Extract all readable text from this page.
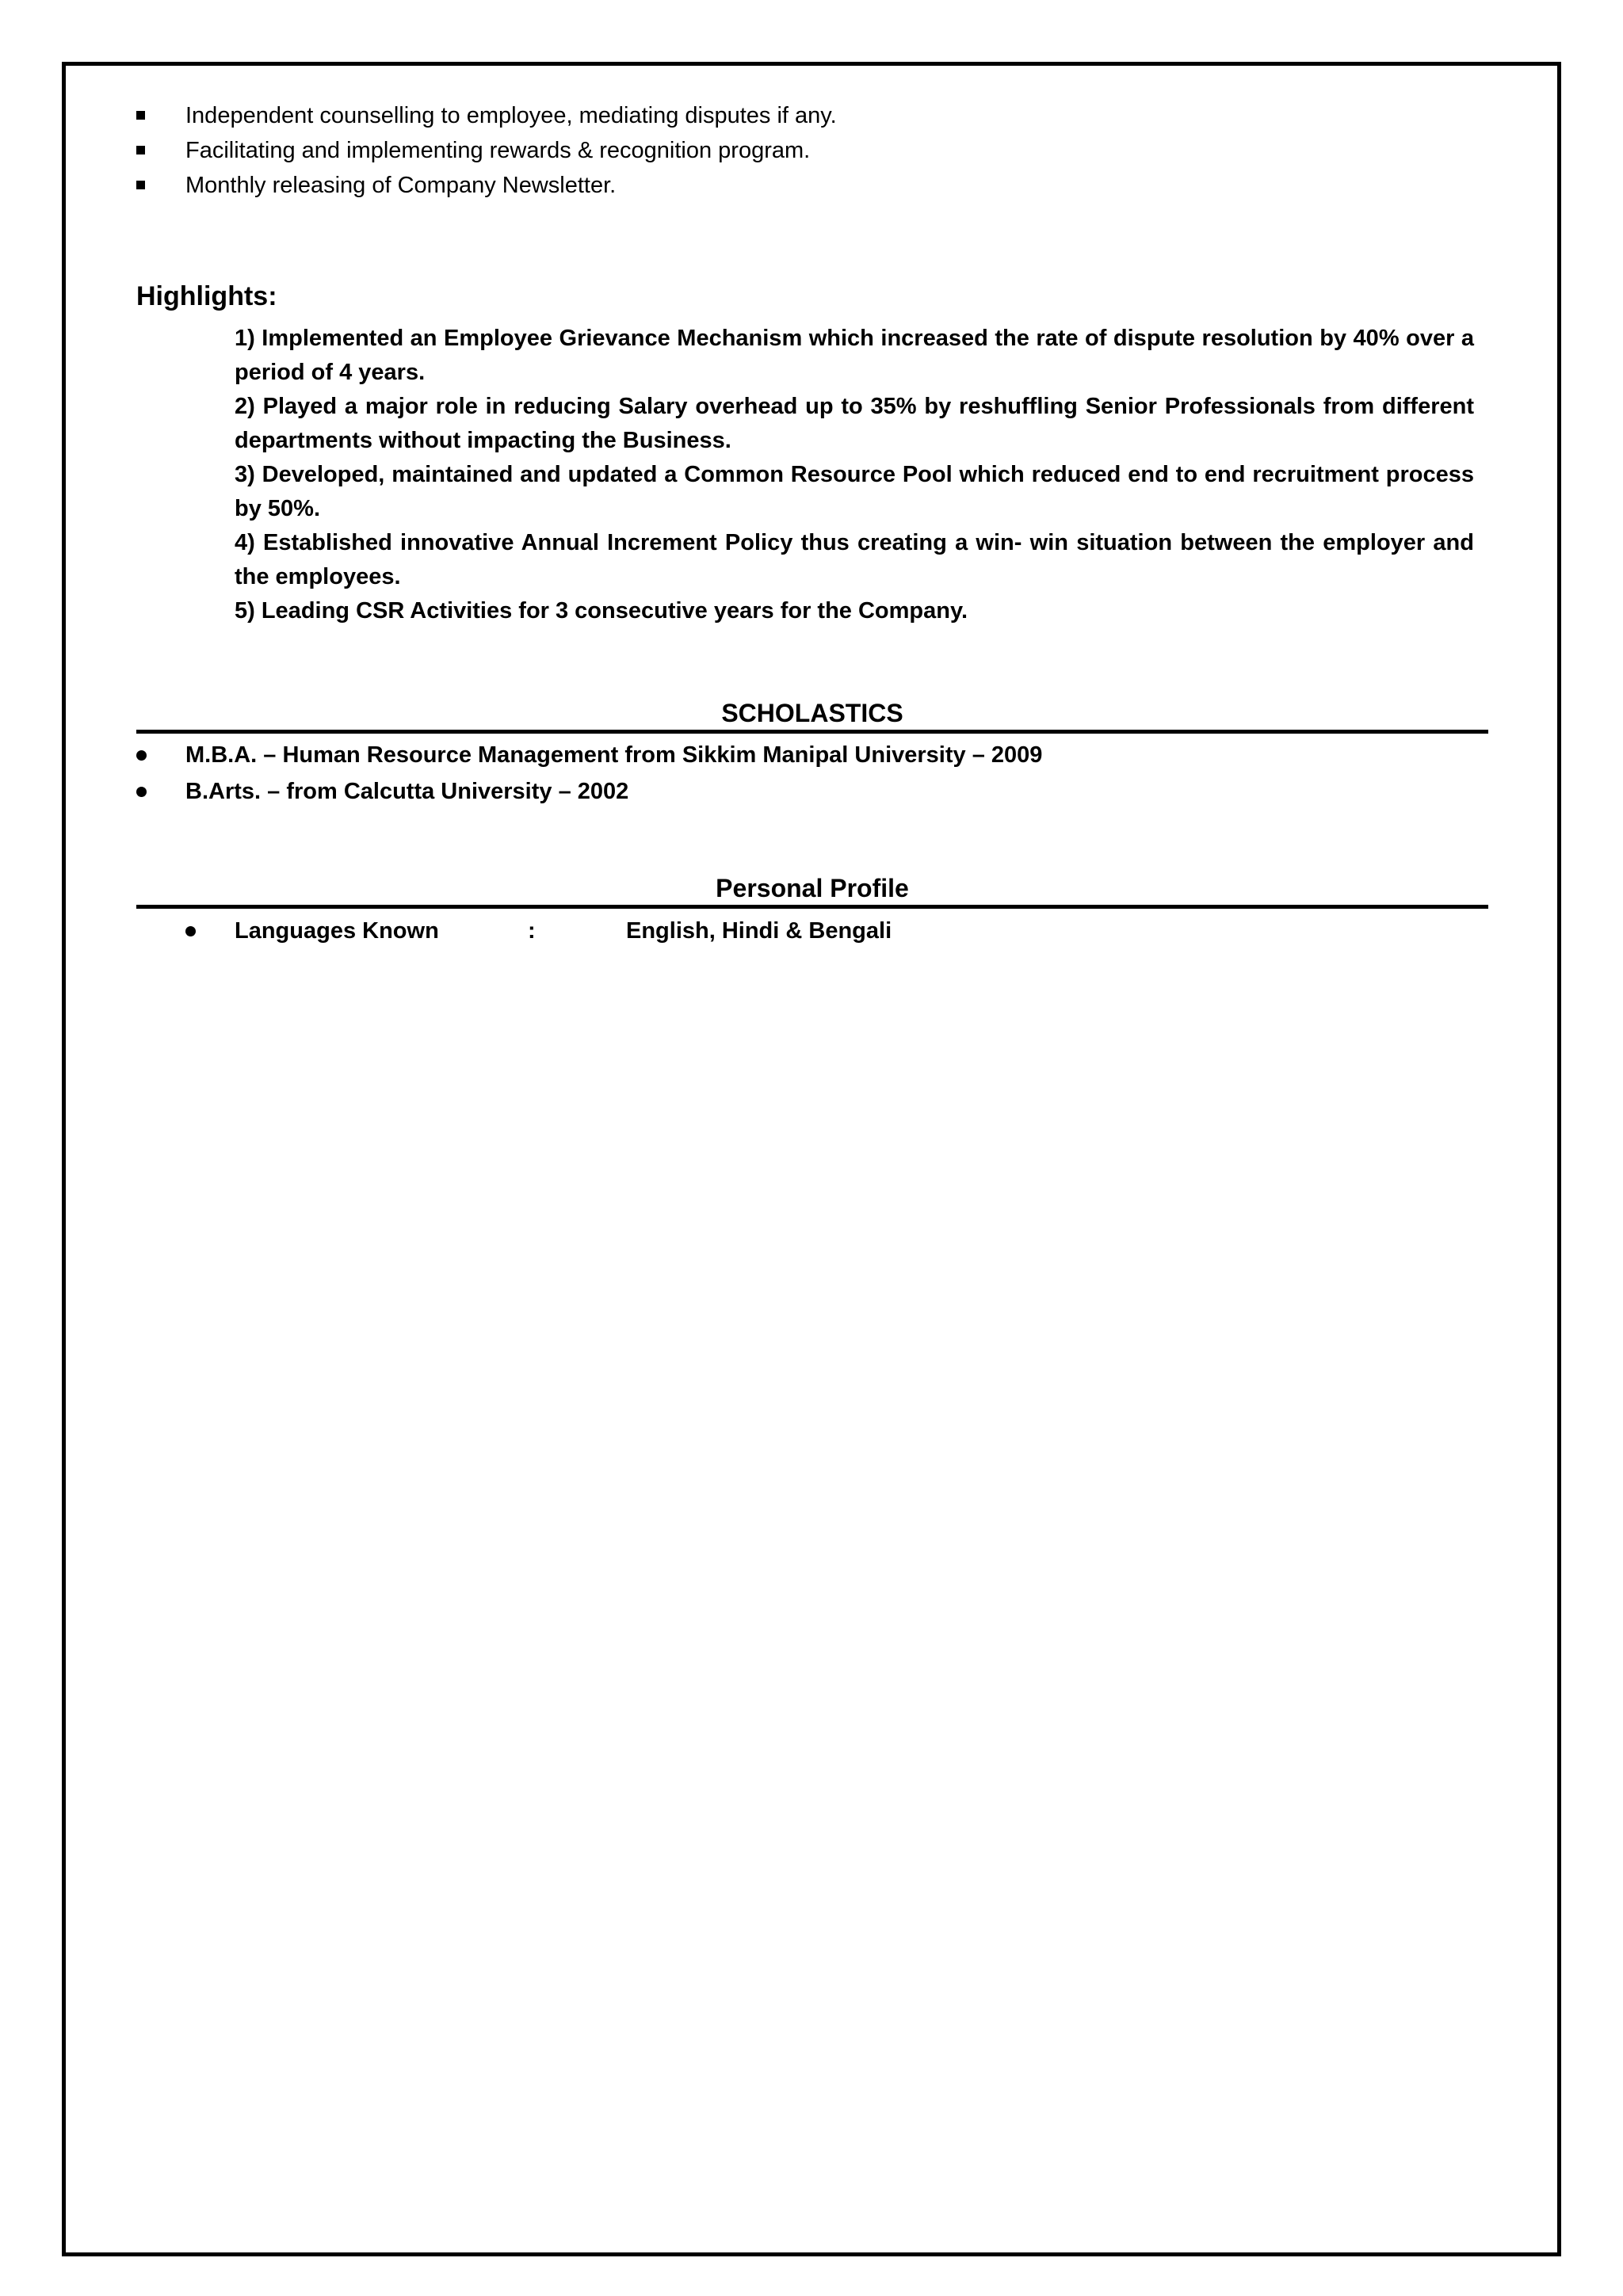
Independent counselling to employee, mediating disputes if any.
Facilitating and implementing rewards & recognition program.
Monthly releasing of Company Newsletter.
Highlights:
1) Implemented an Employee Grievance Mechanism which increased the rate of dispute resolution by 40% over a period of 4 years.
2) Played a major role in reducing Salary overhead up to 35% by reshuffling Senior Professionals from different departments without impacting the Business.
3) Developed, maintained and updated a Common Resource Pool which reduced end to end recruitment process by 50%.
4) Established innovative Annual Increment Policy thus creating a win- win situation between the employer and the employees.
5) Leading CSR Activities for 3 consecutive years for the Company.
SCHOLASTICS
M.B.A. – Human Resource Management from Sikkim Manipal University – 2009
B.Arts. – from Calcutta University – 2002
Personal Profile
Languages Known	:	English, Hindi & Bengali
